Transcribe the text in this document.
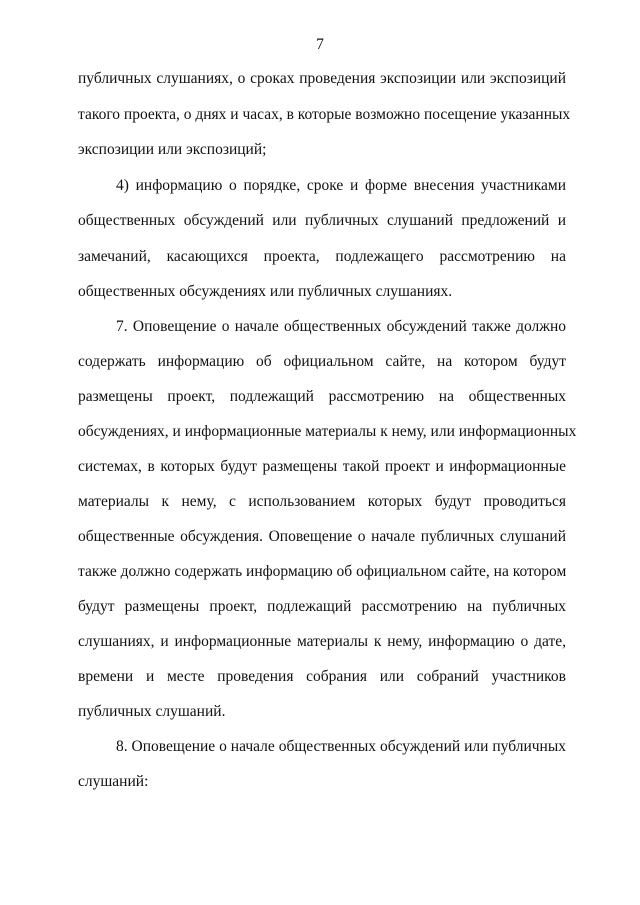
7
публичных слушаниях, о сроках проведения экспозиции или экспозиций
такого проекта, о днях и часах, в которые возможно посещение указанных
экспозиции или экспозиций;
4) информацию о порядке, сроке и форме внесения участниками
общественных обсуждений или публичных слушаний предложений и
замечаний, касающихся проекта, подлежащего рассмотрению на
общественных обсуждениях или публичных слушаниях.
7. Оповещение о начале общественных обсуждений также должно
содержать информацию об официальном сайте, на котором будут
размещены проект, подлежащий рассмотрению на общественных
обсуждениях, и информационные материалы к нему, или информационных
системах, в которых будут размещены такой проект и информационные
материалы к нему, с использованием которых будут проводиться
общественные обсуждения. Оповещение о начале публичных слушаний
также должно содержать информацию об официальном сайте, на котором
будут размещены проект, подлежащий рассмотрению на публичных
слушаниях, и информационные материалы к нему, информацию о дате,
времени и месте проведения собрания или собраний участников
публичных слушаний.
8. Оповещение о начале общественных обсуждений или публичных
слушаний:
